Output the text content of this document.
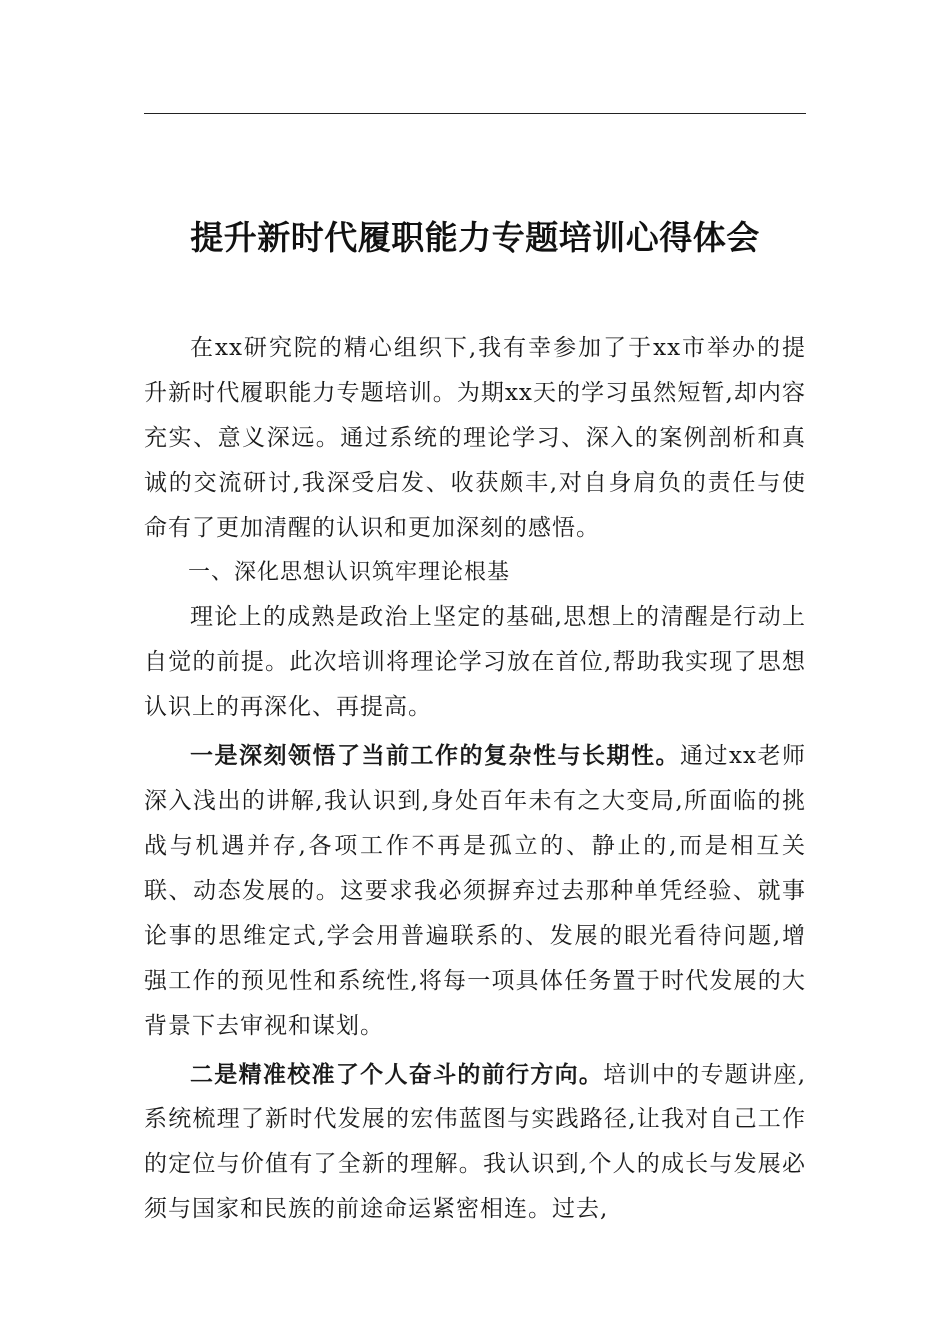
提升新时代履职能力专题培训心得体会

在xx研究院的精心组织下,我有幸参加了于xx市举办的提升新时代履职能力专题培训。为期xx天的学习虽然短暂,却内容充实、意义深远。通过系统的理论学习、深入的案例剖析和真诚的交流研讨,我深受启发、收获颇丰,对自身肩负的责任与使命有了更加清醒的认识和更加深刻的感悟。

一、深化思想认识筑牢理论根基

理论上的成熟是政治上坚定的基础,思想上的清醒是行动上自觉的前提。此次培训将理论学习放在首位,帮助我实现了思想认识上的再深化、再提高。

一是深刻领悟了当前工作的复杂性与长期性。通过xx老师深入浅出的讲解,我认识到,身处百年未有之大变局,所面临的挑战与机遇并存,各项工作不再是孤立的、静止的,而是相互关联、动态发展的。这要求我必须摒弃过去那种单凭经验、就事论事的思维定式,学会用普遍联系的、发展的眼光看待问题,增强工作的预见性和系统性,将每一项具体任务置于时代发展的大背景下去审视和谋划。

二是精准校准了个人奋斗的前行方向。培训中的专题讲座,系统梳理了新时代发展的宏伟蓝图与实践路径,让我对自己工作的定位与价值有了全新的理解。我认识到,个人的成长与发展必须与国家和民族的前途命运紧密相连。过去,
